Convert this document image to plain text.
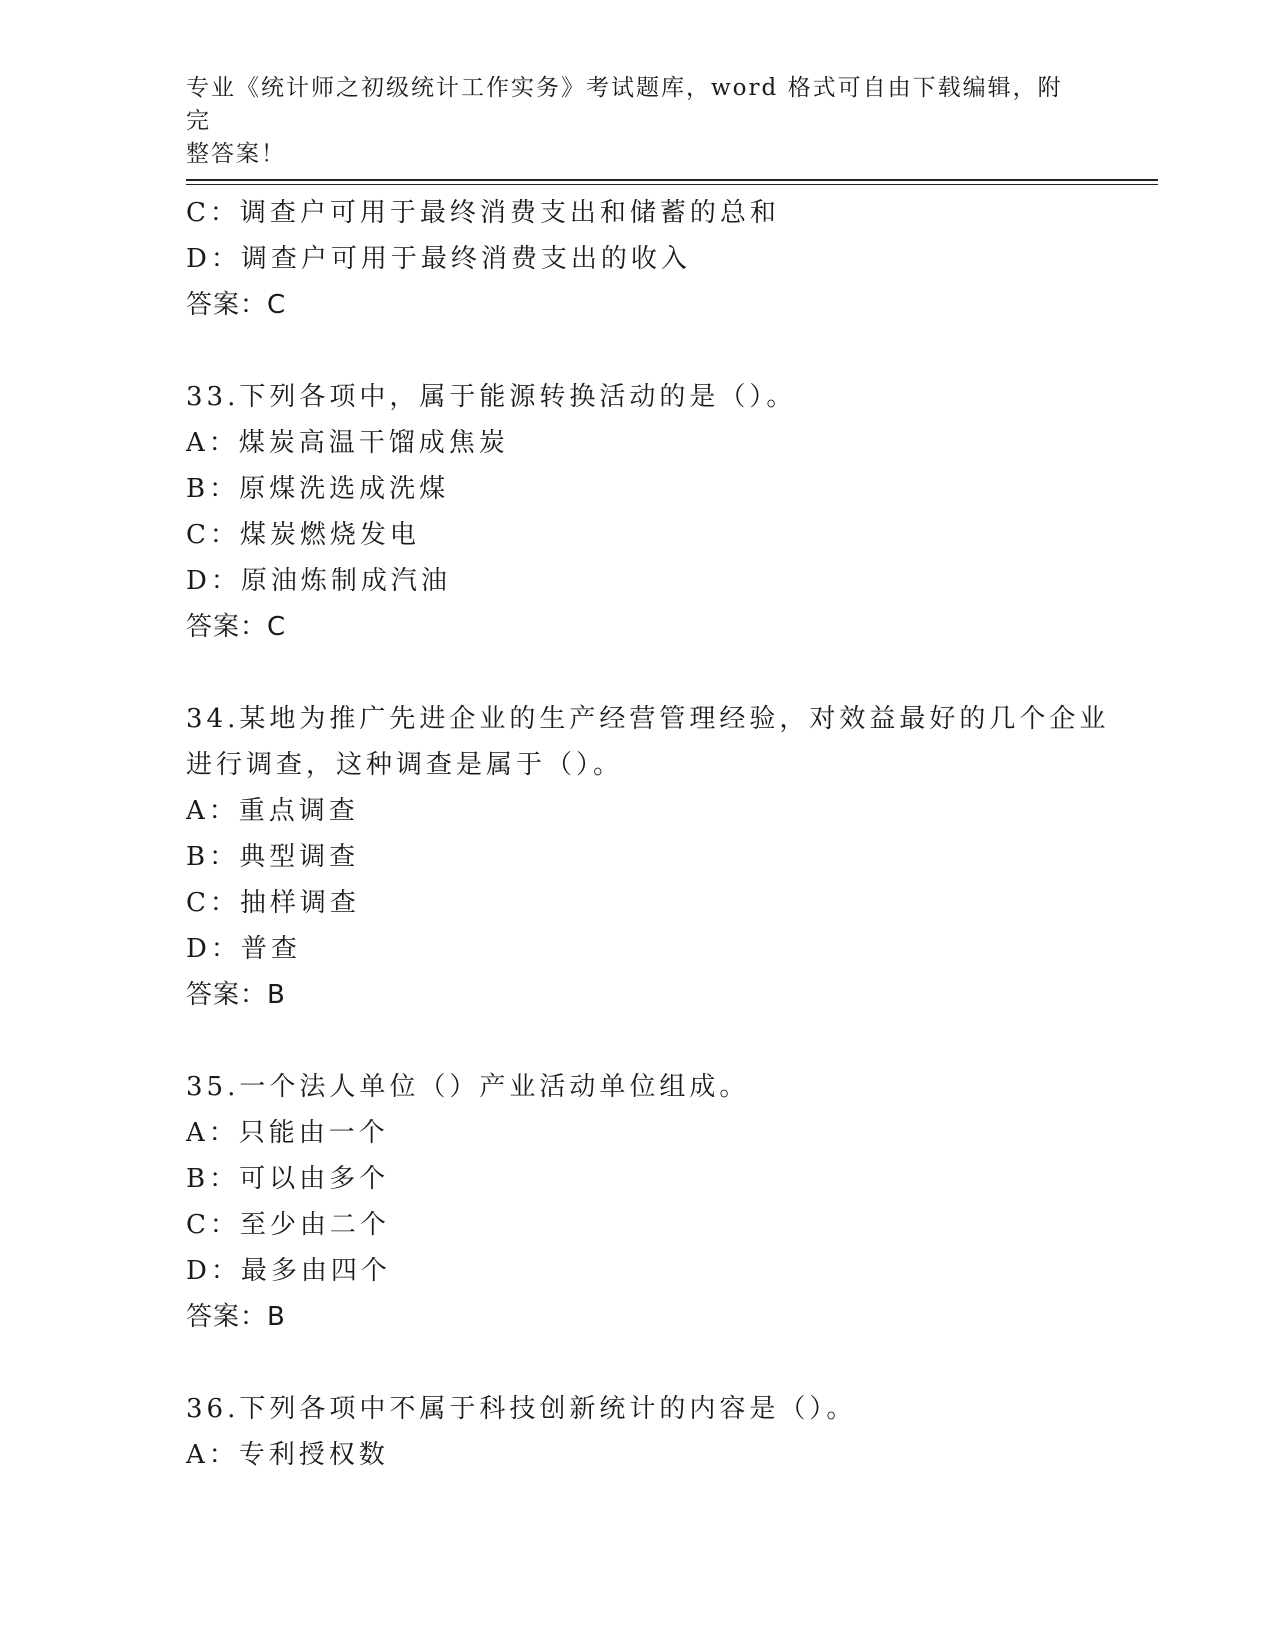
专业《统计师之初级统计工作实务》考试题库，word 格式可自由下载编辑，附完
整答案！
C：调查户可用于最终消费支出和储蓄的总和
D：调查户可用于最终消费支出的收入
答案：C
33.下列各项中，属于能源转换活动的是（）。
A：煤炭高温干馏成焦炭
B：原煤洗选成洗煤
C：煤炭燃烧发电
D：原油炼制成汽油
答案：C
34.某地为推广先进企业的生产经营管理经验，对效益最好的几个企业
进行调查，这种调查是属于（）。
A：重点调查
B：典型调查
C：抽样调查
D：普查
答案：B
35.一个法人单位（）产业活动单位组成。
A：只能由一个
B：可以由多个
C：至少由二个
D：最多由四个
答案：B
36.下列各项中不属于科技创新统计的内容是（）。
A：专利授权数
